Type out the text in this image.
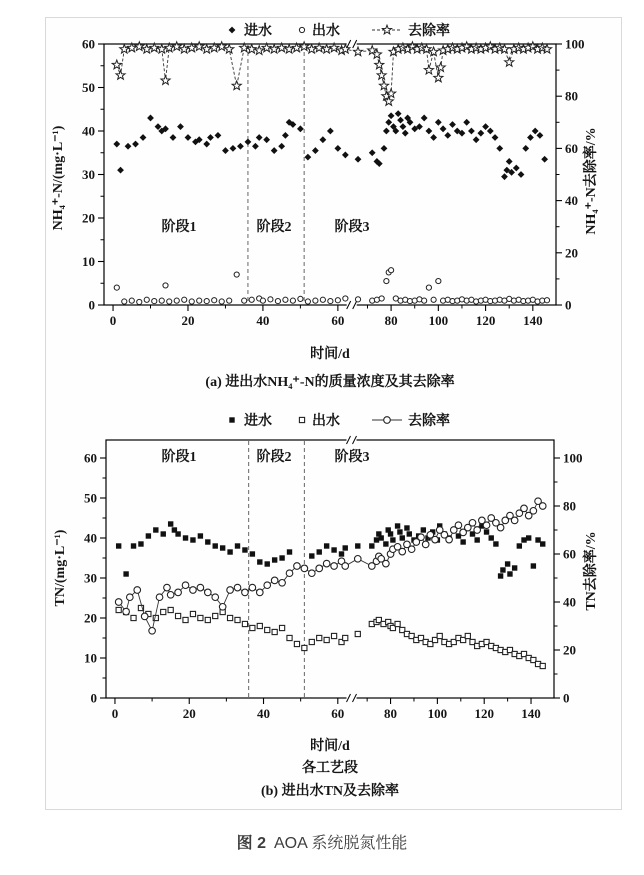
0
10
20
30
40
50
60
0
20
40
60
80
100
0	20	40	60	80 100 120 140
进水	出水	去除率
NH₄⁺-N/(mg·L⁻¹)	NH₄⁺-N去除率/%
阶段1	阶段2	阶段3
时间/d
(a) 进出水NH₄⁺-N的质量浓度及其去除率
0
10
20
30
40
50
60
0
20
40
60
80
100
0	20	40	60	80 100 120 140
进水	出水	去除率
TN/(mg·L⁻¹)	TN去除率/%
阶段1	阶段2	阶段3
时间/d
各工艺段
(b) 进出水TN及去除率
图 2 AOA 系统脱氮性能
